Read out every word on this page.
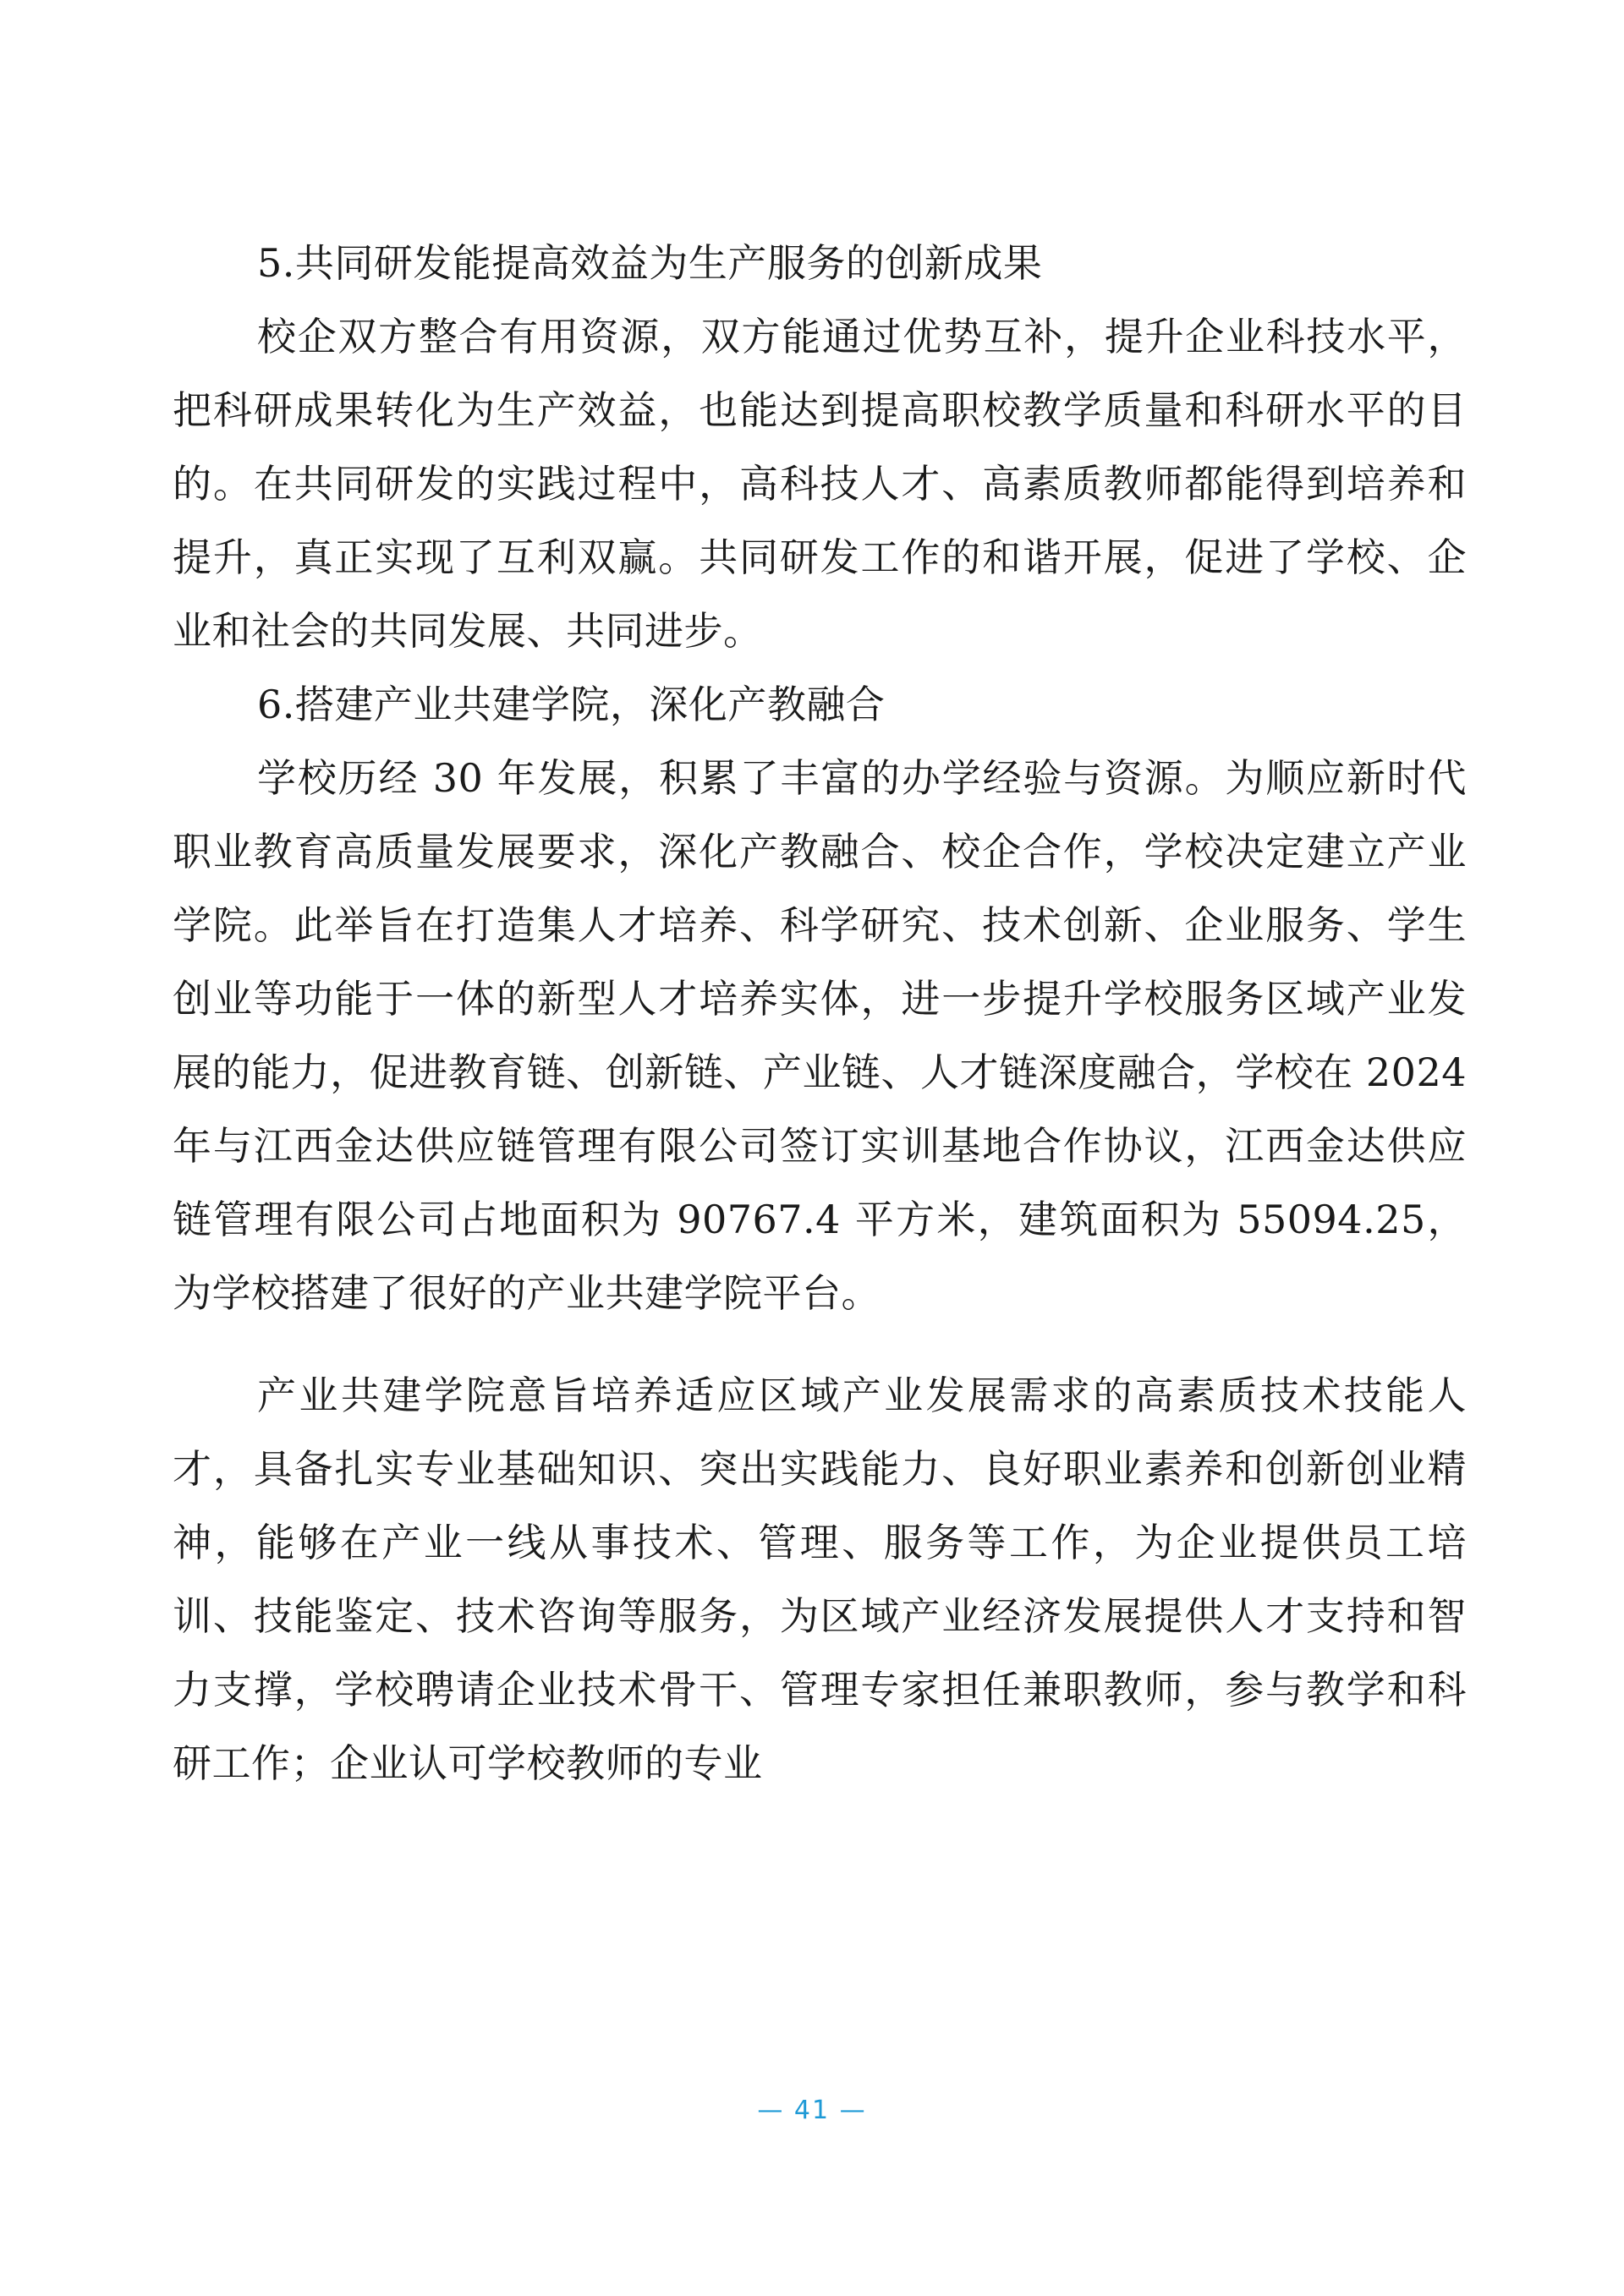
5.共同研发能提高效益为生产服务的创新成果

校企双方整合有用资源，双方能通过优势互补，提升企业科技水平，把科研成果转化为生产效益，也能达到提高职校教学质量和科研水平的目的。在共同研发的实践过程中，高科技人才、高素质教师都能得到培养和提升，真正实现了互利双赢。共同研发工作的和谐开展，促进了学校、企业和社会的共同发展、共同进步。

6.搭建产业共建学院，深化产教融合

学校历经 30 年发展，积累了丰富的办学经验与资源。为顺应新时代职业教育高质量发展要求，深化产教融合、校企合作，学校决定建立产业学院。此举旨在打造集人才培养、科学研究、技术创新、企业服务、学生创业等功能于一体的新型人才培养实体，进一步提升学校服务区域产业发展的能力，促进教育链、创新链、产业链、人才链深度融合，学校在 2024 年与江西金达供应链管理有限公司签订实训基地合作协议，江西金达供应链管理有限公司占地面积为 90767.4 平方米，建筑面积为 55094.25，为学校搭建了很好的产业共建学院平台。

产业共建学院意旨培养适应区域产业发展需求的高素质技术技能人才，具备扎实专业基础知识、突出实践能力、良好职业素养和创新创业精神，能够在产业一线从事技术、管理、服务等工作，为企业提供员工培训、技能鉴定、技术咨询等服务，为区域产业经济发展提供人才支持和智力支撑，学校聘请企业技术骨干、管理专家担任兼职教师，参与教学和科研工作；企业认可学校教师的专业

— 41 —
